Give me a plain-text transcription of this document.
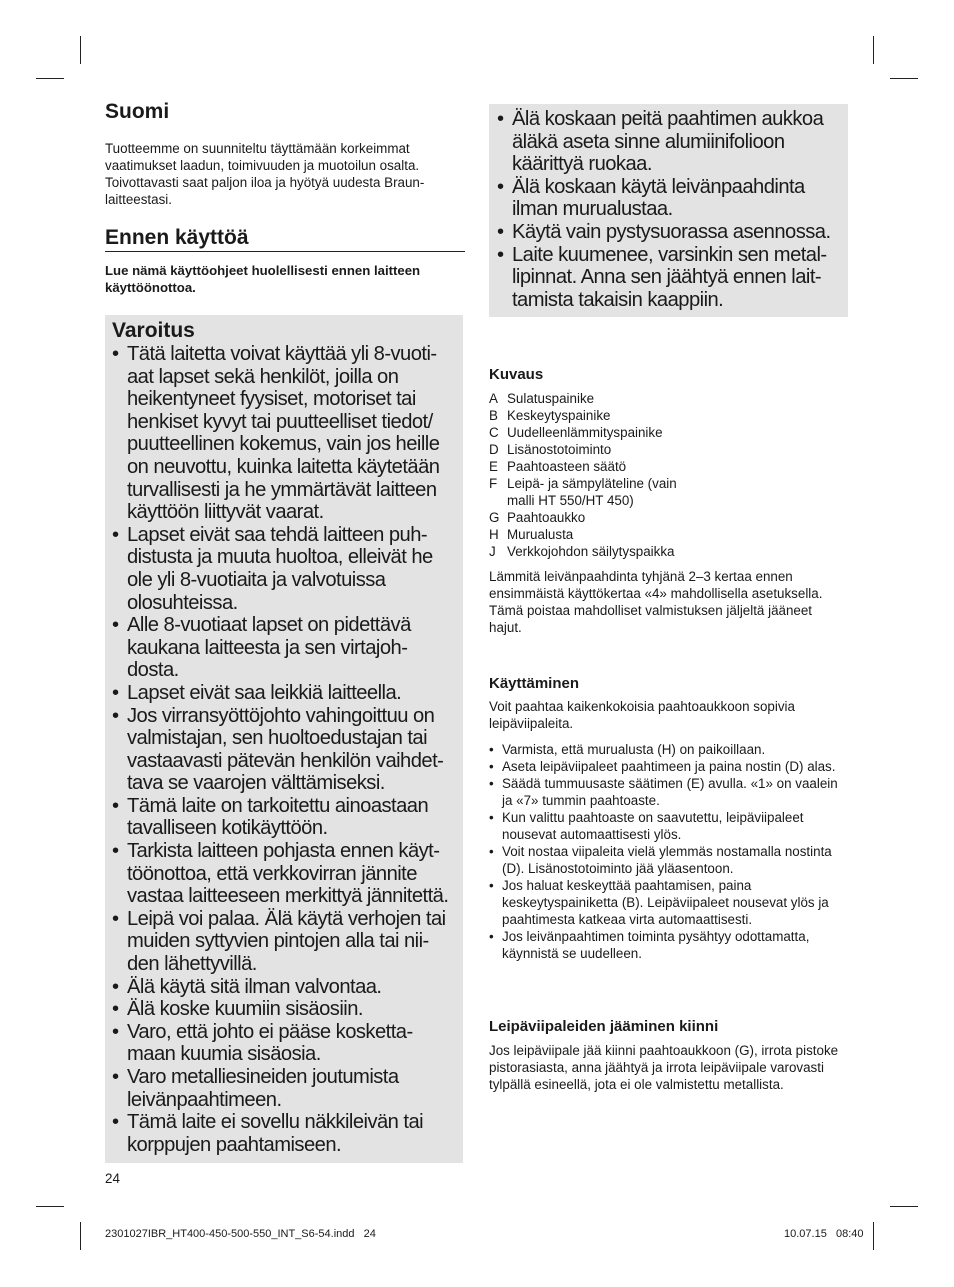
Suomi
Tuotteemme on suunniteltu täyttämään korkeimmat vaatimukset laadun, toimivuuden ja muotoilun osalta. Toivottavasti saat paljon iloa ja hyötyä uudesta Braun-laitteestasi.
Ennen käyttöä
Lue nämä käyttöohjeet huolellisesti ennen laitteen käyttöönottoa.
Varoitus
• Tätä laitetta voivat käyttää yli 8-vuoti- aat lapset sekä henkilöt, joilla on heikentyneet fyysiset, motoriset tai henkiset kyvyt tai puutteelliset tiedot/ puutteellinen kokemus, vain jos heille on neuvottu, kuinka laitetta käytetään turvallisesti ja he ymmärtävät laitteen käyttöön liittyvät vaarat.
• Lapset eivät saa tehdä laitteen puh- distusta ja muuta huoltoa, elleivät he ole yli 8-vuotiaita ja valvotuissa olosuhteissa.
• Alle 8-vuotiaat lapset on pidettävä kaukana laitteesta ja sen virtajoh- dosta.
• Lapset eivät saa leikkiä laitteella.
• Jos virransyöttöjohto vahingoittuu on valmistajan, sen huoltoedustajan tai vastaavasti pätevän henkilön vaihdet- tava se vaarojen välttämiseksi.
• Tämä laite on tarkoitettu ainoastaan tavalliseen kotikäyttöön.
• Tarkista laitteen pohjasta ennen käyt- töönottoa, että verkkovirran jännite vastaa laitteeseen merkittyä jännitettä.
• Leipä voi palaa. Älä käytä verhojen tai muiden syttyvien pintojen alla tai nii- den lähettyvillä.
• Älä käytä sitä ilman valvontaa.
• Älä koske kuumiin sisäosiin.
• Varo, että johto ei pääse kosketta- maan kuumia sisäosia.
• Varo metalliesineiden joutumista leivänpaahtimeen.
• Tämä laite ei sovellu näkkileivän tai korppujen paahtamiseen.
24
• Älä koskaan peitä paahtimen aukkoa äläkä aseta sinne alumiinifolioon käärittyä ruokaa.
• Älä koskaan käytä leivänpaahdinta ilman murualustaa.
• Käytä vain pystysuorassa asennossa.
• Laite kuumenee, varsinkin sen metal- lipinnat. Anna sen jäähtyä ennen lait- tamista takaisin kaappiin.
Kuvaus
A Sulatuspainike
B Keskeytyspainike
C Uudelleenlämmityspainike
D Lisänostotoiminto
E Paahtoasteen säätö
F Leipä- ja sämpyläteline (vain malli HT 550/HT 450)
G Paahtoaukko
H Murualusta
J Verkkojohdon säilytyspaikka
Lämmitä leivänpaahdinta tyhjänä 2–3 kertaa ennen ensimmäistä käyttökertaa «4» mahdollisella asetuksella. Tämä poistaa mahdolliset valmistuksen jäljeltä jääneet hajut.
Käyttäminen
Voit paahtaa kaikenkokoisia paahtoaukkoon sopivia leipäviipaleita.
• Varmista, että murualusta (H) on paikoillaan.
• Aseta leipäviipaleet paahtimeen ja paina nostin (D) alas.
• Säädä tummuusaste säätimen (E) avulla. «1» on vaalein ja «7» tummin paahtoaste.
• Kun valittu paahtoaste on saavutettu, leipäviipaleet nousevat automaattisesti ylös.
• Voit nostaa viipaleita vielä ylemmäs nostamalla nostinta (D). Lisänostotoiminto jää yläasentoon.
• Jos haluat keskeyttää paahtamisen, paina keskeytyspainiketta (B). Leipäviipaleet nousevat ylös ja paahtimesta katkeaa virta automaattisesti.
• Jos leivänpaahtimen toiminta pysähtyy odottamatta, käynnistä se uudelleen.
Leipäviipaleiden jääminen kiinni
Jos leipäviipale jää kiinni paahtoaukkoon (G), irrota pistoke pistorasiasta, anna jäähtyä ja irrota leipäviipale varovasti tylpällä esineellä, jota ei ole valmistettu metallista.
2301027IBR_HT400-450-500-550_INT_S6-54.indd   24	10.07.15 08:40
